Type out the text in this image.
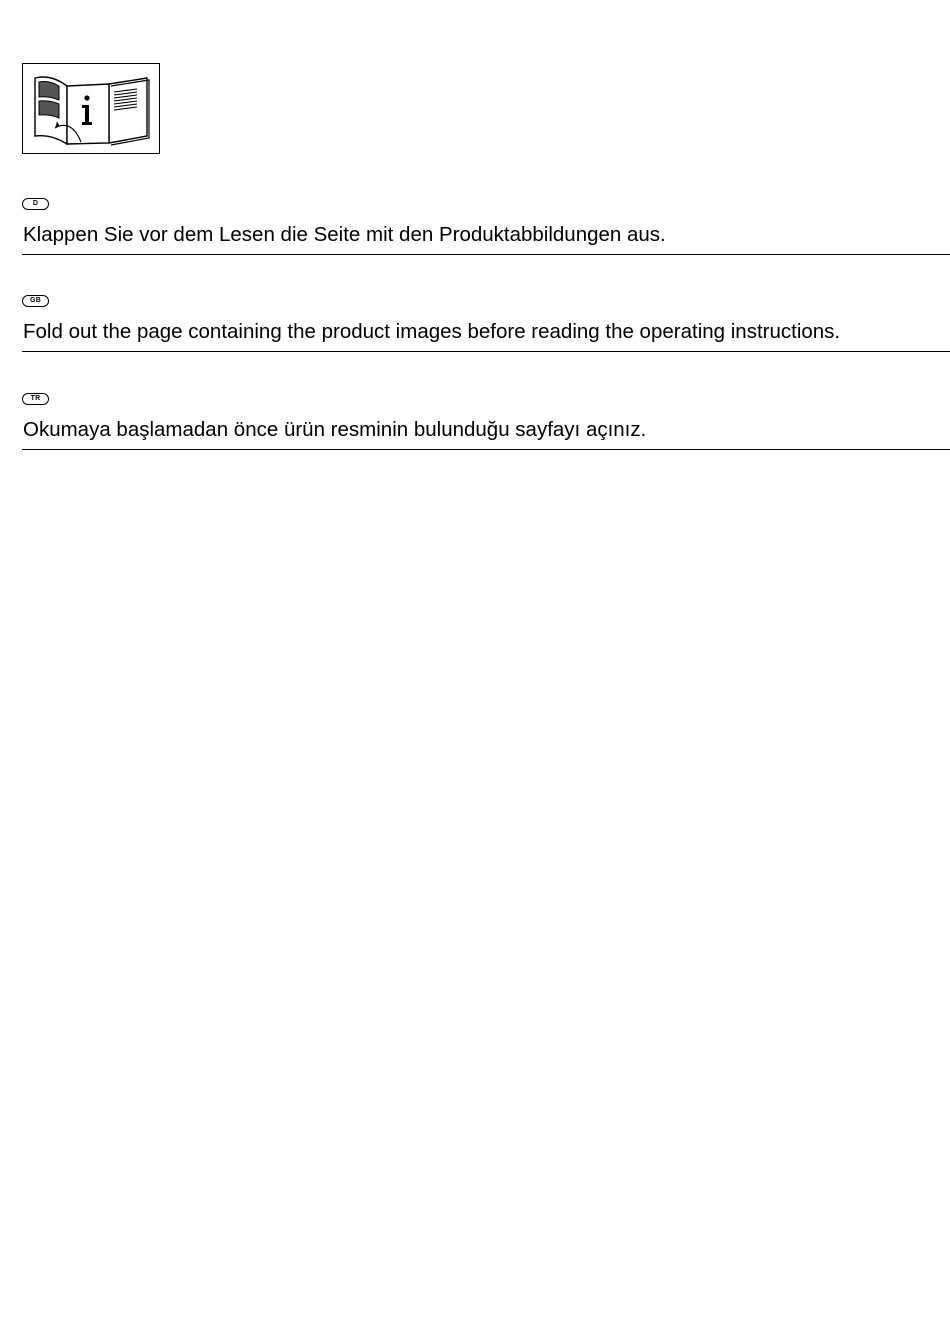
D
Klappen Sie vor dem Lesen die Seite mit den Produktabbildungen aus.
GB
Fold out the page containing the product images before reading the operating instructions.
TR
Okumaya başlamadan önce ürün resminin bulunduğu sayfayı açınız.
